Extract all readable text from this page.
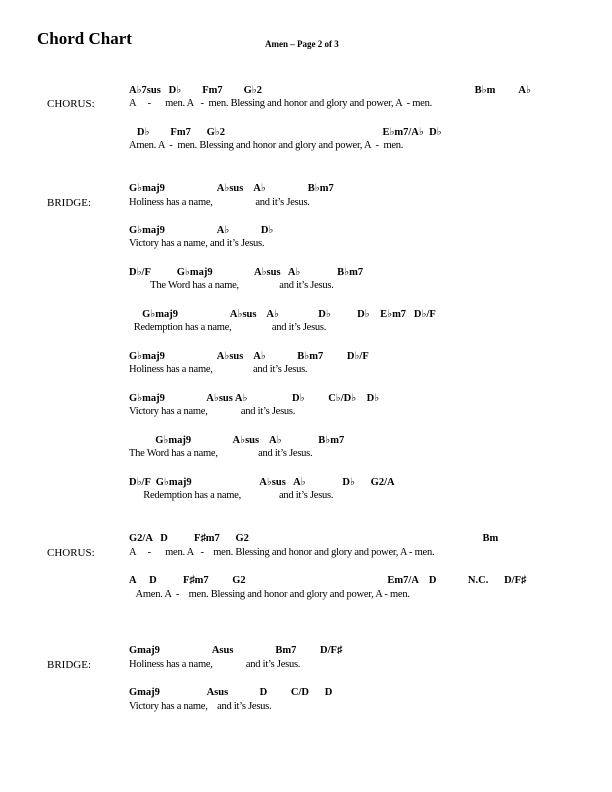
Chord Chart	Amen – Page 2 of 3
CHORUS:
BRIDGE:
CHORUS:
BRIDGE:
A♭7sus   D♭        Fm7        G♭2                                                                                 B♭m         A♭
A     -      men. A   -  men. Blessing and honor and glory and power, A  - men.
D♭        Fm7      G♭2                                                            E♭m7/A♭  D♭
Amen. A  -  men. Blessing and honor and glory and power, A  -  men.
G♭maj9                    A♭sus    A♭                B♭m7
Holiness has a name,                  and it’s Jesus.
G♭maj9                    A♭            D♭
Victory has a name, and it’s Jesus.
D♭/F          G♭maj9                A♭sus   A♭              B♭m7
The Word has a name,                 and it’s Jesus.
G♭maj9                    A♭sus    A♭               D♭          D♭    E♭m7   D♭/F
Redemption has a name,                 and it’s Jesus.
G♭maj9                    A♭sus    A♭            B♭m7         D♭/F
Holiness has a name,                 and it’s Jesus.
G♭maj9                A♭sus A♭                 D♭         C♭/D♭    D♭
Victory has a name,              and it’s Jesus.
G♭maj9                A♭sus    A♭              B♭m7
The Word has a name,                 and it’s Jesus.
D♭/F  G♭maj9                          A♭sus   A♭              D♭      G2/A
Redemption has a name,                and it’s Jesus.
G2/A   D          F♯m7      G2                                                                                         Bm
A     -      men. A   -    men. Blessing and honor and glory and power, A - men.
A     D          F♯m7         G2                                                      Em7/A    D            N.C.      D/F♯
Amen. A  -    men. Blessing and honor and glory and power, A - men.
Gmaj9                    Asus                Bm7         D/F♯
Holiness has a name,              and it’s Jesus.
Gmaj9                  Asus            D         C/D      D
Victory has a name,    and it’s Jesus.
